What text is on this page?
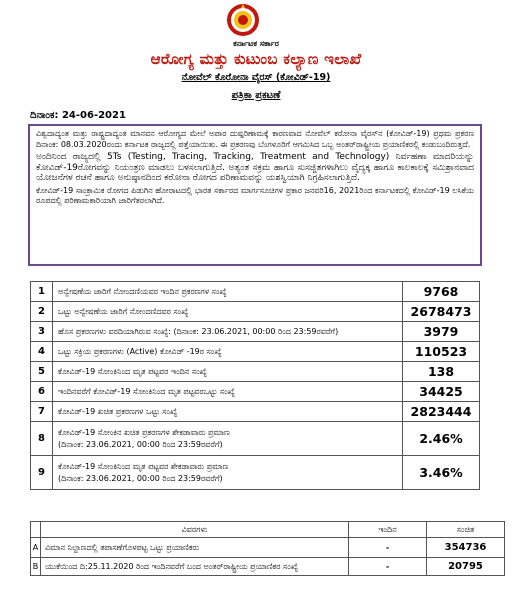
ಕರ್ನಾಟಕ ಸರ್ಕಾರ
ಆರೋಗ್ಯ ಮತ್ತು ಕುಟುಂಬ ಕಲ್ಯಾಣ ಇಲಾಖೆ
ನೋವೆಲ್ ಕೊರೋನಾ ವೈರಸ್ (ಕೋವಿಡ್-19)
ಪತ್ರಿಕಾ ಪ್ರಕಟಣೆ
ದಿನಾಂಕ: 24-06-2021

ವಿಶ್ವದಾದ್ಯಂತ ಮತ್ತು ರಾಷ್ಟ್ರದಾದ್ಯಂತ ಮಾನವನ ಆರೋಗ್ಯದ ಮೇಲೆ ಅಪಾರ ದುಷ್ಪರಿಣಾಮಕ್ಕೆ ಕಾರಣವಾದ ನೋವೆಲ್ ಕರೋನಾ ವೈರಸ್‌ನ (ಕೋವಿಡ್-19) ಪ್ರಥಮ ಪ್ರಕರಣ ದಿನಾಂಕ: 08.03.2020ರಂದು ಕರ್ನಾಟಕ ರಾಜ್ಯದಲ್ಲಿ ಪತ್ತೆಯಾಯಿತು. ಈ ಪ್ರಕರಣವು ಬೆಂಗಳೂರಿಗೆ ಆಗಮಿಸಿದ ಒಬ್ಬ ಅಂತರ್‌ರಾಷ್ಟ್ರೀಯ ಪ್ರಯಾಣಿಕರಲ್ಲಿ ಕಂಡುಬಂದಿರುತ್ತದೆ.

ಅಂದಿನಿಂದ ರಾಜ್ಯದಲ್ಲಿ 5Ts (Testing, Tracing, Tracking, Treatment and Technology) ನಿರ್ವಹಣಾ ಮಾದರಿಯನ್ನು ಕೋವಿಡ್-19ರೋಗವನ್ನು ನಿಯಂತ್ರಣ ಮಾಡಲು ಬಳಸಲಾಗುತ್ತಿದೆ. ಅತ್ಯಂತ ಸಕ್ರಮ ಹಾಗೂ ಸುಸಜ್ಜಿತಗಳಾಗಿಲು ವೈದ್ಯಕ್ಕ ಹಾಗೂ ಕಾಲಕಾಲಕ್ಕೆ ಸಮಿಶ್ರಾನವಾದ ಯೋಜನೆಗಳ ರಚನೆ ಹಾಗೂ ಅನುಷ್ಠಾನದಿಂದ ಕರೋನಾ ರೋಗದ ಪರಿಣಾಮವನ್ನು ಯಶಸ್ವಿಯಾಗಿ ನಿಗ್ರಹಿಸಲಾಗುತ್ತಿದೆ.

ಕೋವಿಡ್-19 ಸಾಂಕ್ರಾಮಿಕ ರೋಗದ ಪಿಡುಗಿನ ಹೋರಾಟದಲ್ಲಿ ಭಾರತ ಸರ್ಕಾರದ ಮಾರ್ಗಸೂಚಿಗಳ ಪ್ರಕಾರ ಜನವರಿ16, 2021ರಿಂದ ಕರ್ನಾಟಕದಲ್ಲಿ ಕೋವಿಡ್-19 ಲಸಿಕೆಯ ರೂಪದಲ್ಲಿ ಪರಿಣಾಮಕಾರಿಯಾಗಿ ಜಾರಿಗೆತರಲಾಗಿದೆ.

1	ಅನ್ವೇಷಣೆಯ ಜಾರಿಗೆ ನೋಂದಣಿಯವರ ಇಂದಿನ ಪ್ರಕರಣಗಳ ಸಂಖ್ಯೆ	9768
2	ಒಟ್ಟು ಅನ್ವೇಷಣೆಯ ಜಾರಿಗೆ ನೋಂದಣಿದವರ ಸಂಖ್ಯೆ	2678473
3	ಹೊಸ ಪ್ರಕರಣಗಳು ವರದಿಯಾಗಿರುವ ಸಂಖ್ಯೆ: (ದಿನಾಂಕ: 23.06.2021, 00:00 ರಿಂದ 23:59ರವರೆಗೆ)	3979
4	ಒಟ್ಟು ಸಕ್ರಿಯ ಪ್ರಕರಣಗಳು (Active) ಕೋವಿಡ್ -19ರ ಸಂಖ್ಯೆ	110523
5	ಕೋವಿಡ್-19 ಸೋಂಕಿನಿಂದ ಮೃತ ಪಟ್ಟವರ ಇಂದಿನ ಸಂಖ್ಯೆ	138
6	ಇಂದಿನವರೆಗೆ ಕೋವಿಡ್-19 ಸೋಂಕಿನಿಂದ ಮೃತ ಪಟ್ಟವರಒಟ್ಟು ಸಂಖ್ಯೆ	34425
7	ಕೋವಿಡ್-19 ಖಚಿತ ಪ್ರಕರಣಗಳ ಒಟ್ಟು ಸಂಖ್ಯೆ	2823444
8	ಕೋವಿಡ್-19 ಸೋಂಕಿನ ಖಚಿತ ಪ್ರಕರಣಗಳ ಶೇಕಡಾವಾರು ಪ್ರಮಾಣ
(ದಿನಾಂಕ: 23.06.2021, 00:00 ರಿಂದ 23:59ರವರೆಗೆ)	2.46%
9	ಕೋವಿಡ್-19 ಸೋಂಕಿನಿಂದ ಮೃತ ಪಟ್ಟವರ ಶೇಕಡಾವಾರು ಪ್ರಮಾಣ
(ದಿನಾಂಕ: 23.06.2021, 00:00 ರಿಂದ 23:59ರವರೆಗೆ)	3.46%
	ವಿವರಗಳು	ಇಂದಿನ	ಸಂಚಿತ
A	ವಿಮಾನ ನಿಲ್ದಾಣದಲ್ಲಿ ತಪಾಸಣೆಗೊಳಪಟ್ಟ ಒಟ್ಟು ಪ್ರಯಾಣಿಕರು	-	354736
B	ಯುಕೆಯಿಂದ ದಿ:25.11.2020 ರಿಂದ ಇಂದಿನವರೆಗೆ ಬಂದ ಅಂತರ್‌ರಾಷ್ಟ್ರೀಯ ಪ್ರಯಾಣಿಕರ ಸಂಖ್ಯೆ	-	20795
